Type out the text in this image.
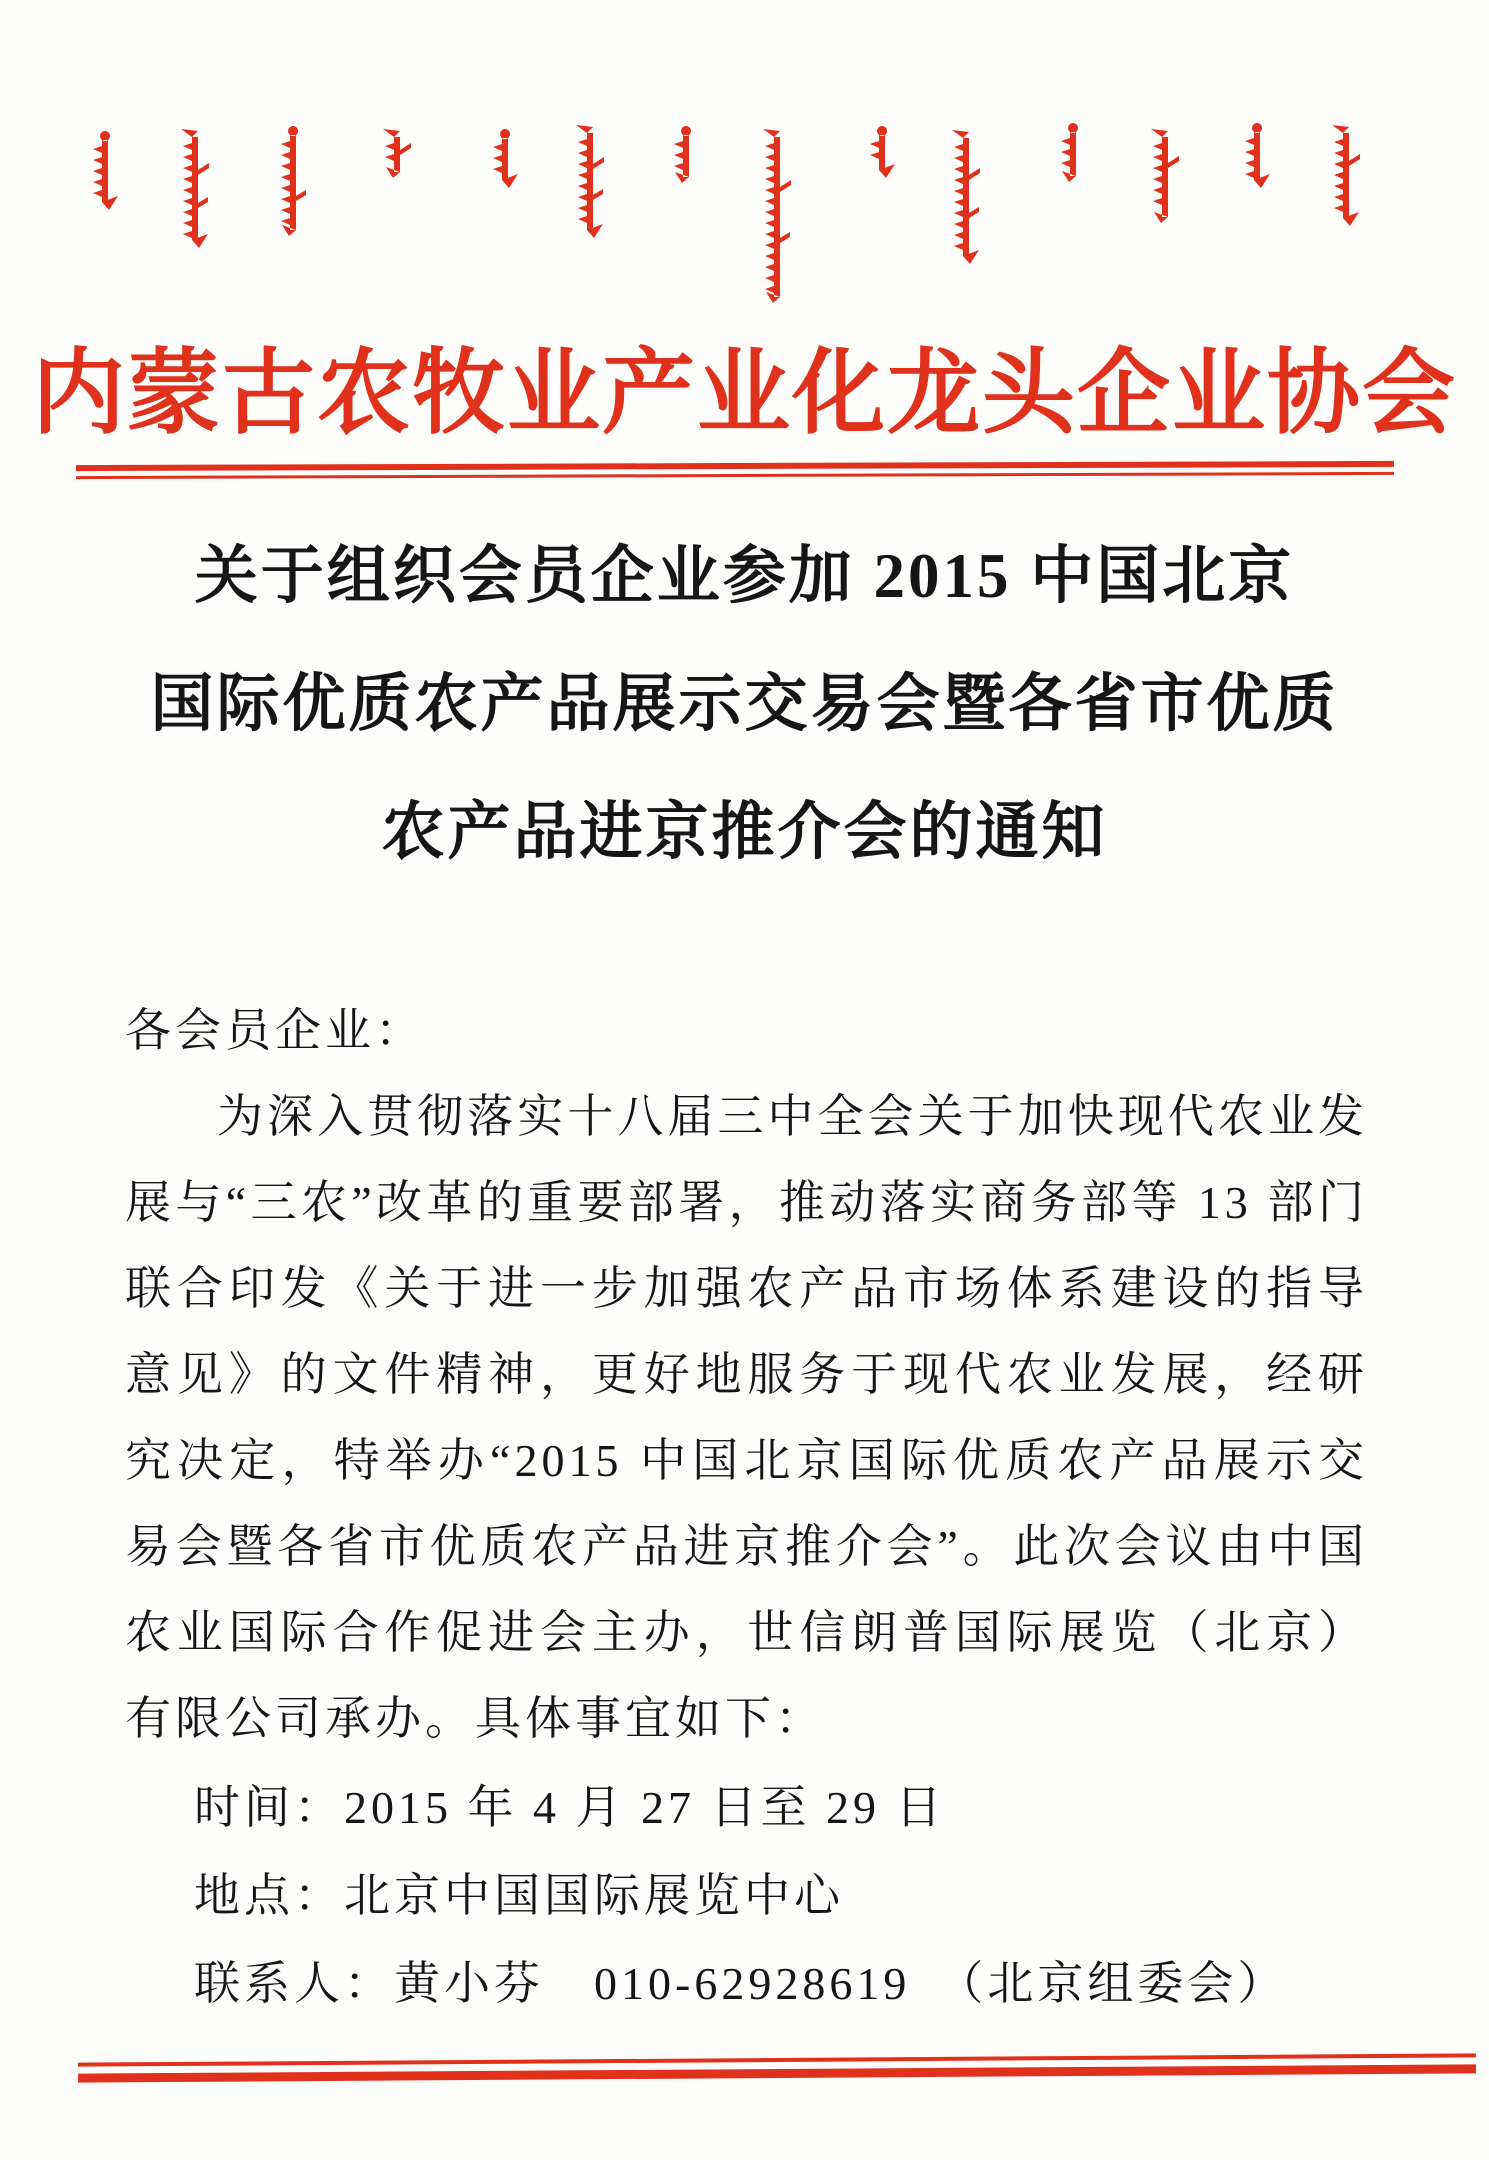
内蒙古农牧业产业化龙头企业协会
关于组织会员企业参加 2015 中国北京
国际优质农产品展示交易会暨各省市优质
农产品进京推介会的通知

各会员企业：

为深入贯彻落实十八届三中全会关于加快现代农业发展与“三农”改革的重要部署，推动落实商务部等 13 部门联合印发《关于进一步加强农产品市场体系建设的指导意见》的文件精神，更好地服务于现代农业发展，经研究决定，特举办“2015 中国北京国际优质农产品展示交易会暨各省市优质农产品进京推介会”。此次会议由中国农业国际合作促进会主办，世信朗普国际展览（北京）有限公司承办。具体事宜如下：

时间：2015 年 4 月 27 日至 29 日

地点：北京中国国际展览中心

联系人：黄小芬　010-62928619　（北京组委会）
